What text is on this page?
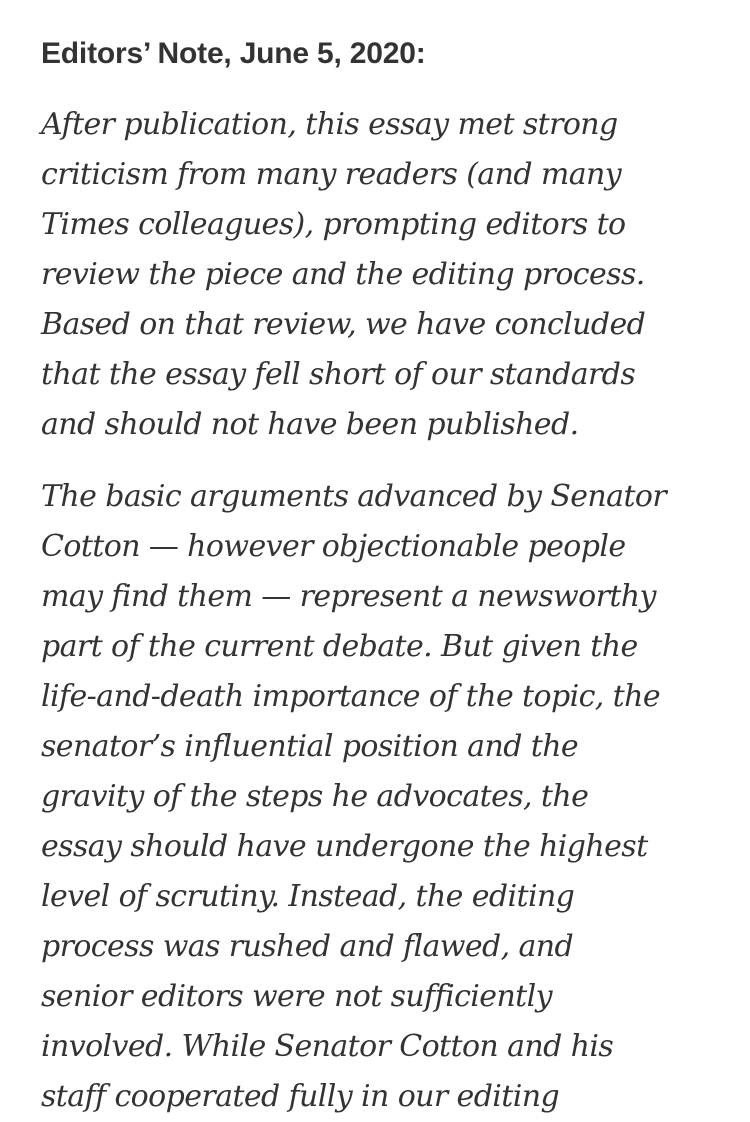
Editors’ Note, June 5, 2020:

After publication, this essay met strong
criticism from many readers (and many
Times colleagues), prompting editors to
review the piece and the editing process.
Based on that review, we have concluded
that the essay fell short of our standards
and should not have been published.

The basic arguments advanced by Senator
Cotton — however objectionable people
may find them — represent a newsworthy
part of the current debate. But given the
life-and-death importance of the topic, the
senator’s influential position and the
gravity of the steps he advocates, the
essay should have undergone the highest
level of scrutiny. Instead, the editing
process was rushed and flawed, and
senior editors were not sufficiently
involved. While Senator Cotton and his
staff cooperated fully in our editing
